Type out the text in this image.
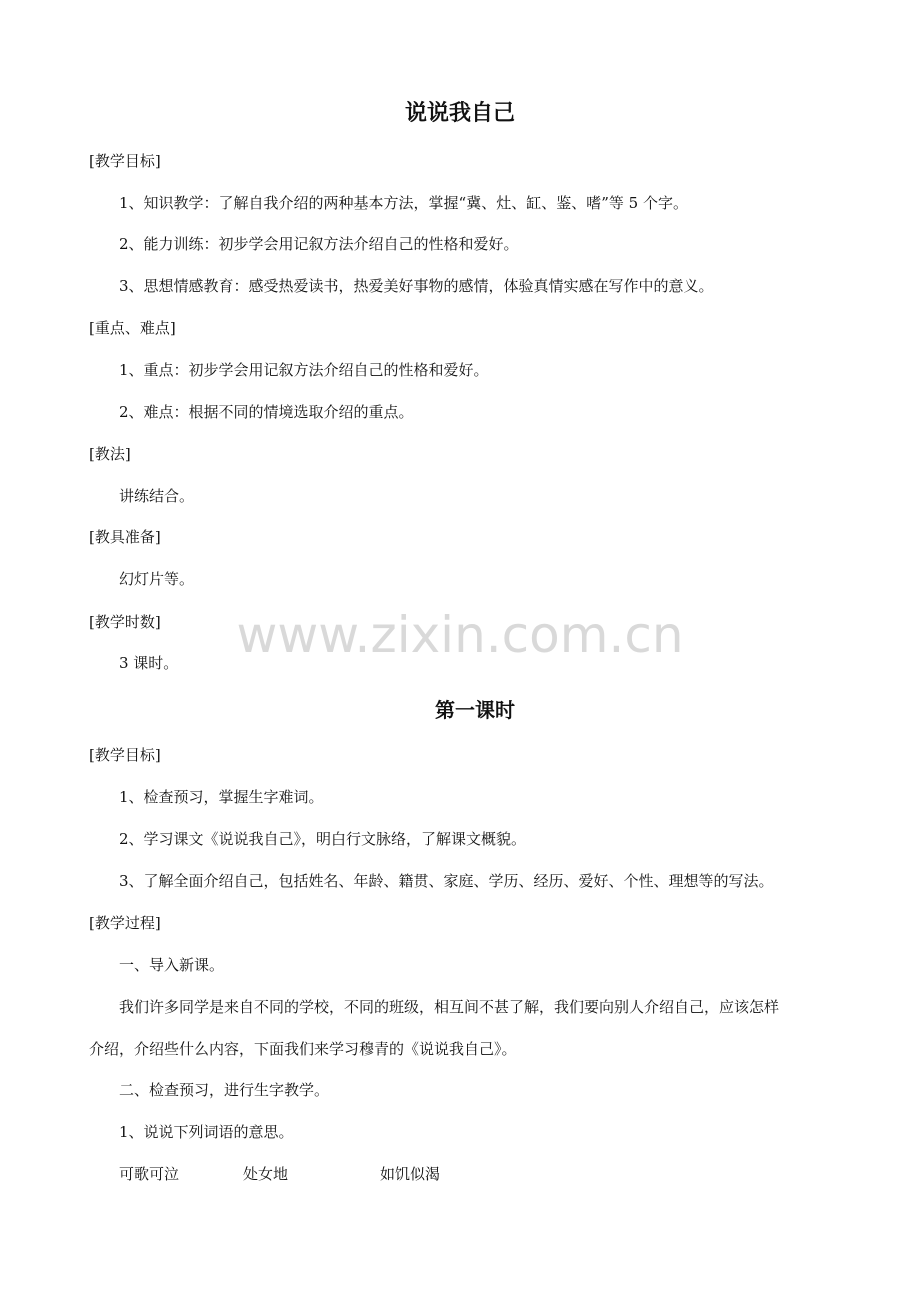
www.zixin.com.cn
说说我自己

[教学目标]

1、知识教学：了解自我介绍的两种基本方法，掌握“冀、灶、缸、鉴、嗜”等 5 个字。

2、能力训练：初步学会用记叙方法介绍自己的性格和爱好。

3、思想情感教育：感受热爱读书，热爱美好事物的感情，体验真情实感在写作中的意义。

[重点、难点]

1、重点：初步学会用记叙方法介绍自己的性格和爱好。

2、难点：根据不同的情境选取介绍的重点。

[教法]

讲练结合。

[教具准备]

幻灯片等。

[教学时数]

3 课时。

第一课时

[教学目标]

1、检查预习，掌握生字难词。

2、学习课文《说说我自己》，明白行文脉络，了解课文概貌。

3、了解全面介绍自己，包括姓名、年龄、籍贯、家庭、学历、经历、爱好、个性、理想等的写法。

[教学过程]

一、导入新课。

我们许多同学是来自不同的学校，不同的班级，相互间不甚了解，我们要向别人介绍自己，应该怎样

介绍，介绍些什么内容，下面我们来学习穆青的《说说我自己》。

二、检查预习，进行生字教学。

1、说说下列词语的意思。

可歌可泣	处女地	如饥似渴
